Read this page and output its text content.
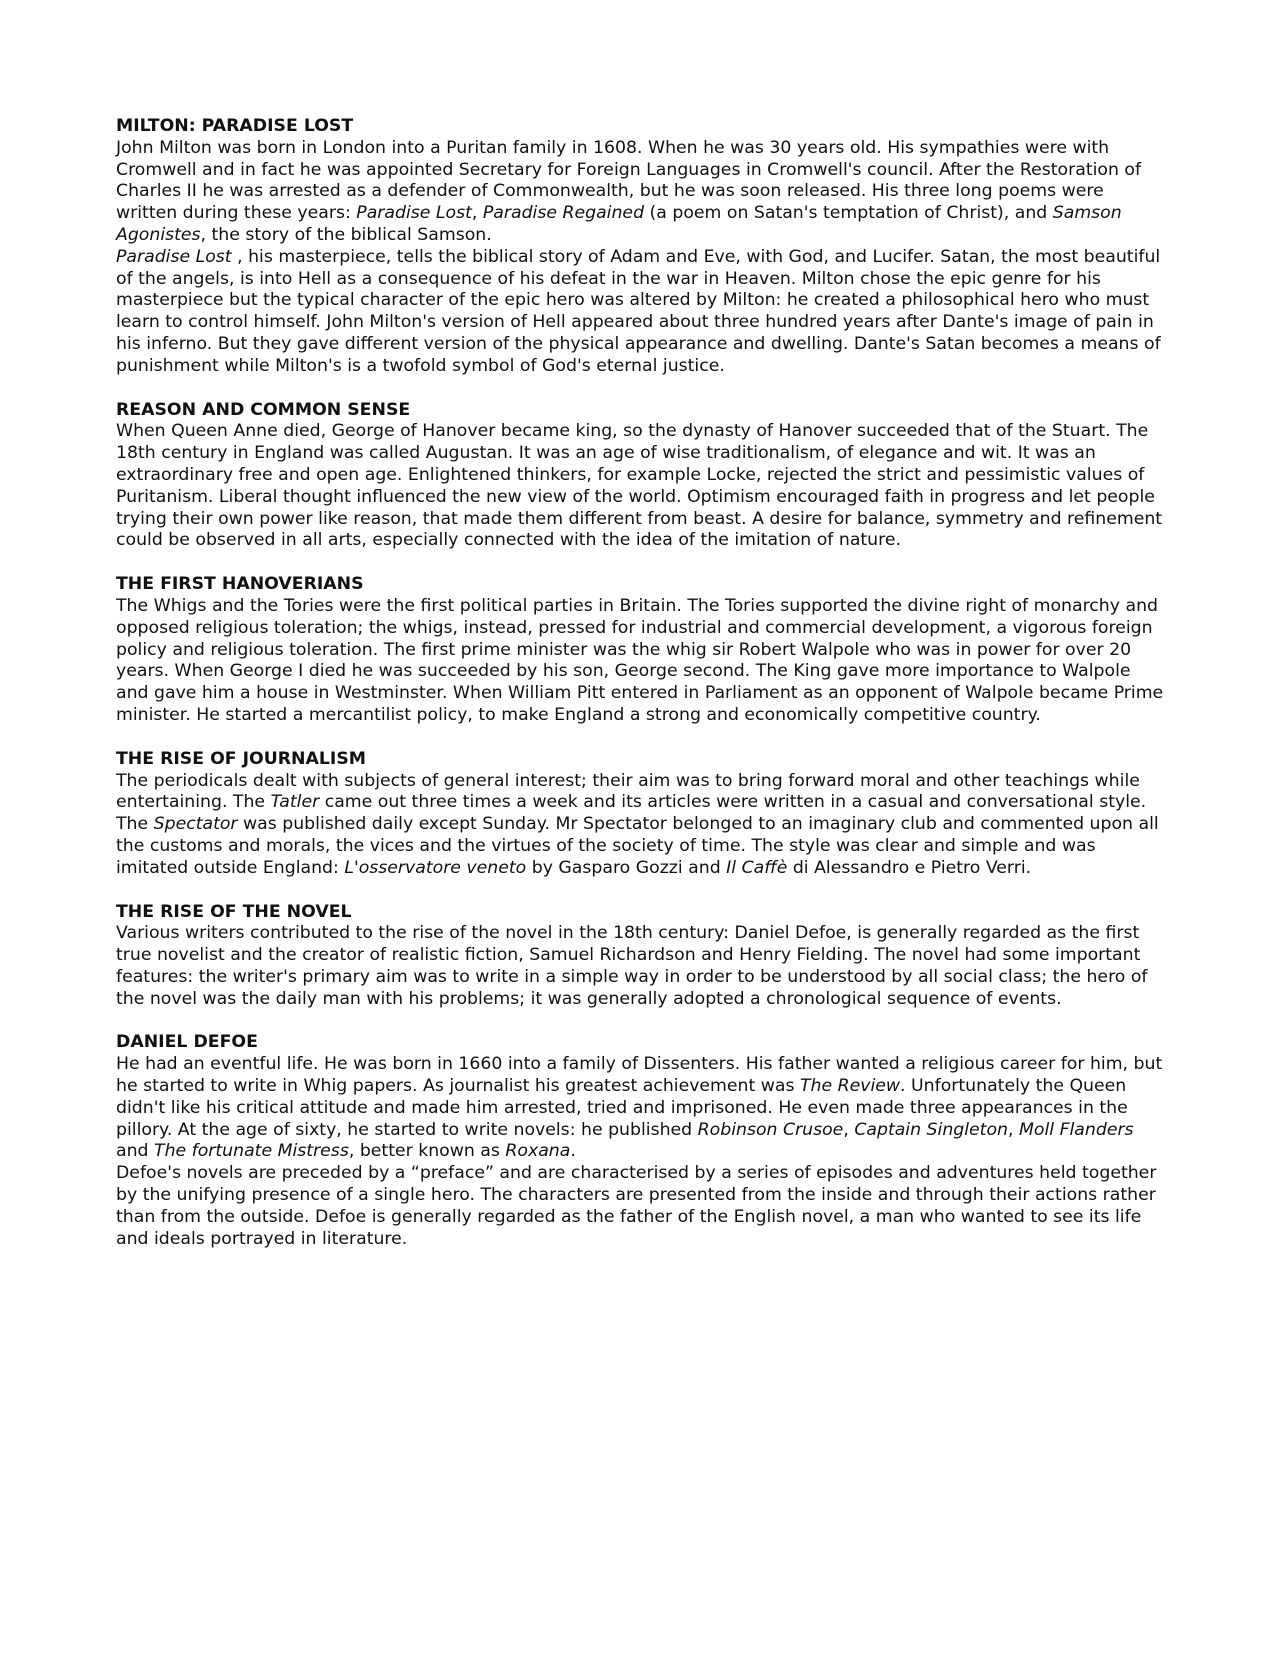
MILTON: PARADISE LOST

John Milton was born in London into a Puritan family in 1608. When he was 30 years old. His sympathies were with Cromwell and in fact he was appointed Secretary for Foreign Languages in Cromwell's council. After the Restoration of Charles II he was arrested as a defender of Commonwealth, but he was soon released. His three long poems were written during these years: Paradise Lost, Paradise Regained (a poem on Satan's temptation of Christ), and Samson Agonistes, the story of the biblical Samson.

Paradise Lost , his masterpiece, tells the biblical story of Adam and Eve, with God, and Lucifer. Satan, the most beautiful of the angels, is into Hell as a consequence of his defeat in the war in Heaven. Milton chose the epic genre for his masterpiece but the typical character of the epic hero was altered by Milton: he created a philosophical hero who must learn to control himself. John Milton's version of Hell appeared about three hundred years after Dante's image of pain in his inferno. But they gave different version of the physical appearance and dwelling. Dante's Satan becomes a means of punishment while Milton's is a twofold symbol of God's eternal justice.

REASON AND COMMON SENSE

When Queen Anne died, George of Hanover became king, so the dynasty of Hanover succeeded that of the Stuart. The 18th century in England was called Augustan. It was an age of wise traditionalism, of elegance and wit. It was an extraordinary free and open age. Enlightened thinkers, for example Locke, rejected the strict and pessimistic values of Puritanism. Liberal thought influenced the new view of the world. Optimism encouraged faith in progress and let people trying their own power like reason, that made them different from beast. A desire for balance, symmetry and refinement could be observed in all arts, especially connected with the idea of the imitation of nature.

THE FIRST HANOVERIANS

The Whigs and the Tories were the first political parties in Britain. The Tories supported the divine right of monarchy and opposed religious toleration; the whigs, instead, pressed for industrial and commercial development, a vigorous foreign policy and religious toleration. The first prime minister was the whig sir Robert Walpole who was in power for over 20 years. When George I died he was succeeded by his son, George second. The King gave more importance to Walpole and gave him a house in Westminster. When William Pitt entered in Parliament as an opponent of Walpole became Prime minister. He started a mercantilist policy, to make England a strong and economically competitive country.

THE RISE OF JOURNALISM

The periodicals dealt with subjects of general interest; their aim was to bring forward moral and other teachings while entertaining. The Tatler came out three times a week and its articles were written in a casual and conversational style. The Spectator was published daily except Sunday. Mr Spectator belonged to an imaginary club and commented upon all the customs and morals, the vices and the virtues of the society of time. The style was clear and simple and was imitated outside England: L'osservatore veneto by Gasparo Gozzi and Il Caffè di Alessandro e Pietro Verri.

THE RISE OF THE NOVEL

Various writers contributed to the rise of the novel in the 18th century: Daniel Defoe, is generally regarded as the first true novelist and the creator of realistic fiction, Samuel Richardson and Henry Fielding. The novel had some important features: the writer's primary aim was to write in a simple way in order to be understood by all social class; the hero of the novel was the daily man with his problems; it was generally adopted a chronological sequence of events.

DANIEL DEFOE

He had an eventful life. He was born in 1660 into a family of Dissenters. His father wanted a religious career for him, but he started to write in Whig papers. As journalist his greatest achievement was The Review. Unfortunately the Queen didn't like his critical attitude and made him arrested, tried and imprisoned. He even made three appearances in the pillory. At the age of sixty, he started to write novels: he published Robinson Crusoe, Captain Singleton, Moll Flanders and The fortunate Mistress, better known as Roxana.

Defoe's novels are preceded by a “preface” and are characterised by a series of episodes and adventures held together by the unifying presence of a single hero. The characters are presented from the inside and through their actions rather than from the outside. Defoe is generally regarded as the father of the English novel, a man who wanted to see its life and ideals portrayed in literature.
